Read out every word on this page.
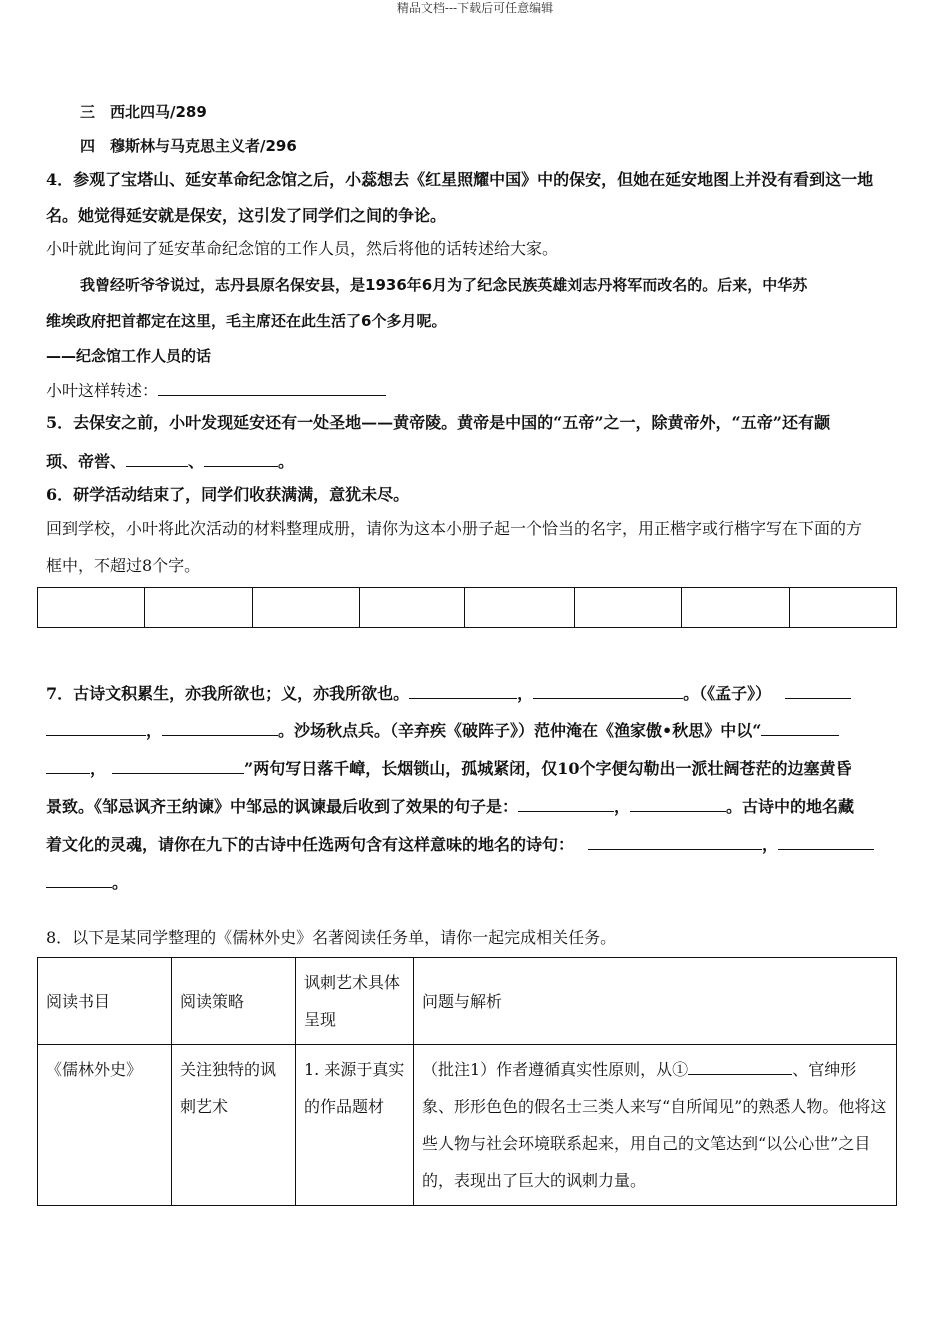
精品文档---下载后可任意编辑
三　西北四马/289
四　穆斯林与马克思主义者/296
4．参观了宝塔山、延安革命纪念馆之后，小蕊想去《红星照耀中国》中的保安，但她在延安地图上并没有看到这一地
名。她觉得延安就是保安，这引发了同学们之间的争论。
小叶就此询问了延安革命纪念馆的工作人员，然后将他的话转述给大家。
我曾经听爷爷说过，志丹县原名保安县，是1936年6月为了纪念民族英雄刘志丹将军而改名的。后来，中华苏
维埃政府把首都定在这里，毛主席还在此生活了6个多月呢。
——纪念馆工作人员的话
小叶这样转述：
5．去保安之前，小叶发现延安还有一处圣地——黄帝陵。黄帝是中国的“五帝”之一，除黄帝外，“五帝”还有颛
顼、帝喾、	、	。
6．研学活动结束了，同学们收获满满，意犹未尽。
回到学校，小叶将此次活动的材料整理成册，请你为这本小册子起一个恰当的名字，用正楷字或行楷字写在下面的方
框中，不超过8个字。

7．古诗文积累生，亦我所欲也；义，亦我所欲也。	，	。（《孟子》）
，	。沙场秋点兵。（辛弃疾《破阵子》）范仲淹在《渔家傲•秋思》中以“
，	”两句写日落千嶂，长烟锁山，孤城紧闭，仅10个字便勾勒出一派壮阔苍茫的边塞黄昏
景致。《邹忌讽齐王纳谏》中邹忌的讽谏最后收到了效果的句子是：	，	。古诗中的地名藏
着文化的灵魂，请你在九下的古诗中任选两句含有这样意味的地名的诗句：	，
。
8．以下是某同学整理的《儒林外史》名著阅读任务单，请你一起完成相关任务。
阅读书目	阅读策略	讽刺艺术具体呈现	问题与解析
《儒林外史》	关注独特的讽刺艺术	1. 来源于真实的作品题材	（批注1）作者遵循真实性原则，从① 、官绅形象、形形色色的假名士三类人来写“自所闻见”的熟悉人物。他将这些人物与社会环境联系起来，用自己的文笔达到“以公心世”之目的，表现出了巨大的讽刺力量。
